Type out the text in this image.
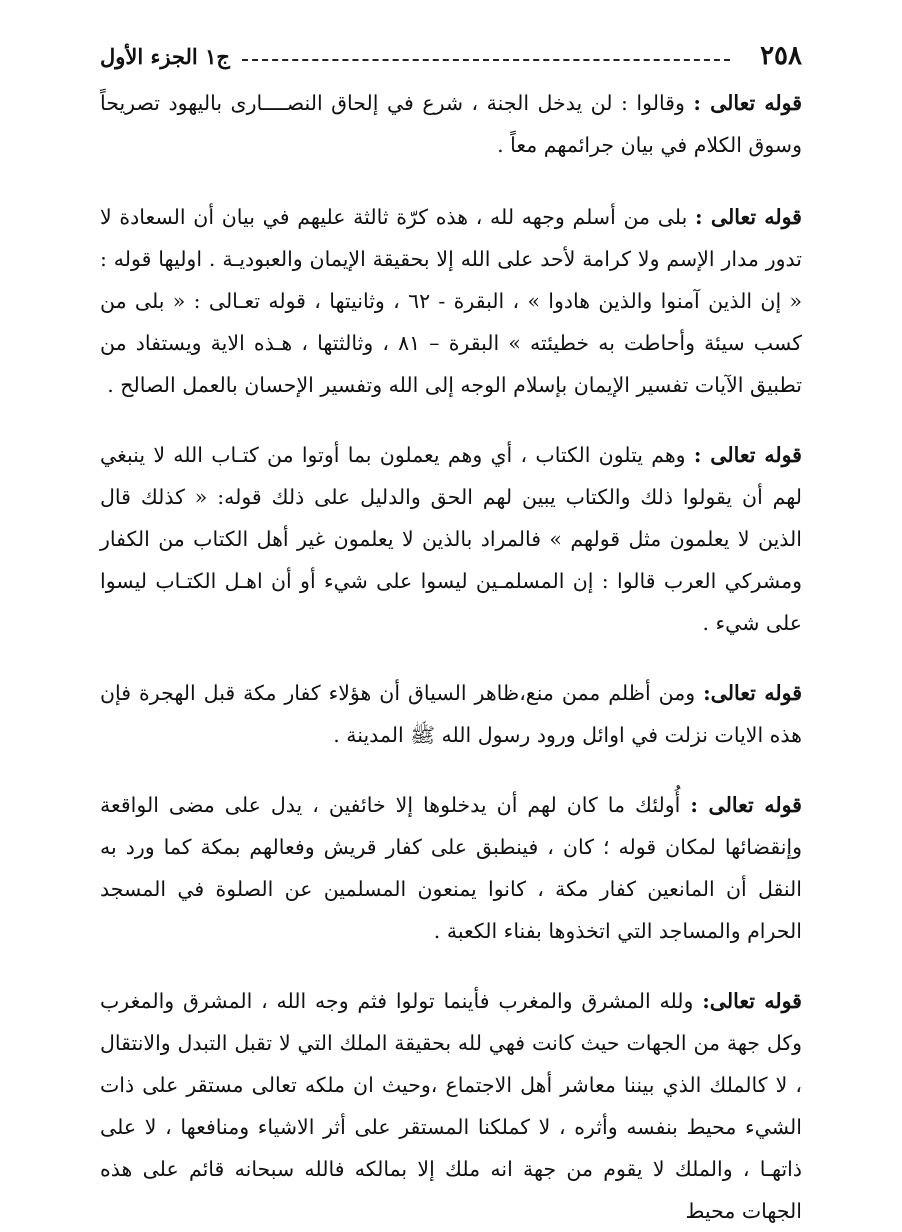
٢٥٨
ج١ الجزء الأول

قوله تعالى : وقالوا : لن يدخل الجنة ، شرع في إلحاق النصــــارى باليهود تصريحاً وسوق الكلام في بيان جرائمهم معاً .

قوله تعالى : بلى من أسلم وجهه لله ، هذه كرّة ثالثة عليهم في بيان أن السعادة لا تدور مدار الإسم ولا كرامة لأحد على الله إلا بحقيقة الإيمان والعبوديـة . اوليها قوله : « إن الذين آمنوا والذين هادوا » ، البقرة - ٦٢ ، وثانيتها ، قوله تعـالى : « بلى من كسب سيئة وأحاطت به خطيئته » البقرة – ٨١ ، وثالثتها ، هـذه الاية ويستفاد من تطبيق الآيات تفسير الإيمان بإسلام الوجه إلى الله وتفسير الإحسان بالعمل الصالح .

قوله تعالى : وهم يتلون الكتاب ، أي وهم يعملون بما أوتوا من كتـاب الله لا ينبغي لهم أن يقولوا ذلك والكتاب يبين لهم الحق والدليل على ذلك قوله: « كذلك قال الذين لا يعلمون مثل قولهم » فالمراد بالذين لا يعلمون غير أهل الكتاب من الكفار ومشركي العرب قالوا : إن المسلمـين ليسوا على شيء أو أن اهـل الكتـاب ليسوا على شيء .

قوله تعالى: ومن أظلم ممن منع،ظاهر السياق أن هؤلاء كفار مكة قبل الهجرة فإن هذه الايات نزلت في اوائل ورود رسول الله ﷺ المدينة .

قوله تعالى : أُولئك ما كان لهم أن يدخلوها إلا خائفين ، يدل على مضى الواقعة وإنقضائها لمكان قوله ؛ كان ، فينطبق على كفار قريش وفعالهم بمكة كما ورد به النقل أن المانعين كفار مكة ، كانوا يمنعون المسلمين عن الصلوة في المسجد الحرام والمساجد التي اتخذوها بفناء الكعبة .

قوله تعالى: ولله المشرق والمغرب فأينما تولوا فثم وجه الله ، المشرق والمغرب وكل جهة من الجهات حيث كانت فهي لله بحقيقة الملك التي لا تقبل التبدل والانتقال ، لا كالملك الذي بيننا معاشر أهل الاجتماع ،وحيث ان ملكه تعالى مستقر على ذات الشيء محيط بنفسه وأثره ، لا كملكنا المستقر على أثر الاشياء ومنافعها ، لا على ذاتهـا ، والملك لا يقوم من جهة انه ملك إلا بمالكه فالله سبحانه قائم على هذه الجهات محيط
